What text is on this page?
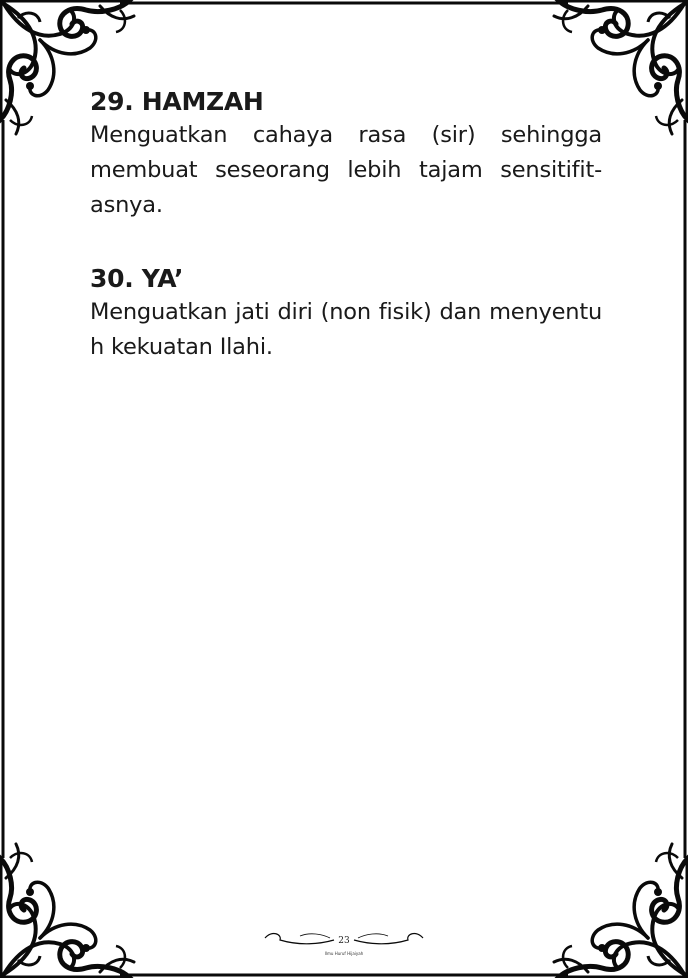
29. HAMZAH

Menguatkan cahaya rasa (sir) sehingga membuat seseorang lebih tajam sensitifit-asnya.

30. YA’

Menguatkan jati diri (non fisik) dan menyentu h kekuatan Ilahi.

23
Ilmu Huruf Hijaiyah
